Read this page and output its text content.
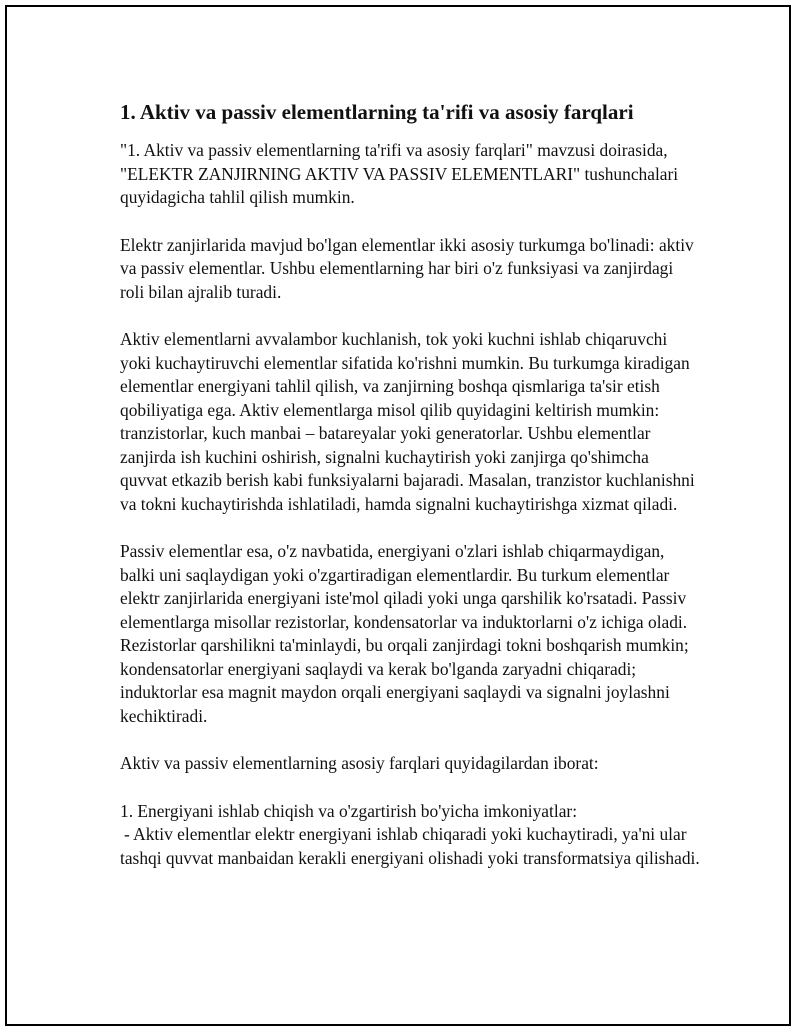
1. Aktiv va passiv elementlarning ta'rifi va asosiy farqlari

"1. Aktiv va passiv elementlarning ta'rifi va asosiy farqlari" mavzusi doirasida, "ELEKTR ZANJIRNING AKTIV VA PASSIV ELEMENTLARI" tushunchalari quyidagicha tahlil qilish mumkin.

Elektr zanjirlarida mavjud bo'lgan elementlar ikki asosiy turkumga bo'linadi: aktiv va passiv elementlar. Ushbu elementlarning har biri o'z funksiyasi va zanjirdagi roli bilan ajralib turadi.

Aktiv elementlarni avvalambor kuchlanish, tok yoki kuchni ishlab chiqaruvchi yoki kuchaytiruvchi elementlar sifatida ko'rishni mumkin. Bu turkumga kiradigan elementlar energiyani tahlil qilish, va zanjirning boshqa qismlariga ta'sir etish qobiliyatiga ega. Aktiv elementlarga misol qilib quyidagini keltirish mumkin: tranzistorlar, kuch manbai – batareyalar yoki generatorlar. Ushbu elementlar zanjirda ish kuchini oshirish, signalni kuchaytirish yoki zanjirga qo'shimcha quvvat etkazib berish kabi funksiyalarni bajaradi. Masalan, tranzistor kuchlanishni va tokni kuchaytirishda ishlatiladi, hamda signalni kuchaytirishga xizmat qiladi.

Passiv elementlar esa, o'z navbatida, energiyani o'zlari ishlab chiqarmaydigan, balki uni saqlaydigan yoki o'zgartiradigan elementlardir. Bu turkum elementlar elektr zanjirlarida energiyani iste'mol qiladi yoki unga qarshilik ko'rsatadi. Passiv elementlarga misollar rezistorlar, kondensatorlar va induktorlarni o'z ichiga oladi. Rezistorlar qarshilikni ta'minlaydi, bu orqali zanjirdagi tokni boshqarish mumkin; kondensatorlar energiyani saqlaydi va kerak bo'lganda zaryadni chiqaradi; induktorlar esa magnit maydon orqali energiyani saqlaydi va signalni joylashni kechiktiradi.

Aktiv va passiv elementlarning asosiy farqlari quyidagilardan iborat:

1. Energiyani ishlab chiqish va o'zgartirish bo'yicha imkoniyatlar:

- Aktiv elementlar elektr energiyani ishlab chiqaradi yoki kuchaytiradi, ya'ni ular tashqi quvvat manbaidan kerakli energiyani olishadi yoki transformatsiya qilishadi.
